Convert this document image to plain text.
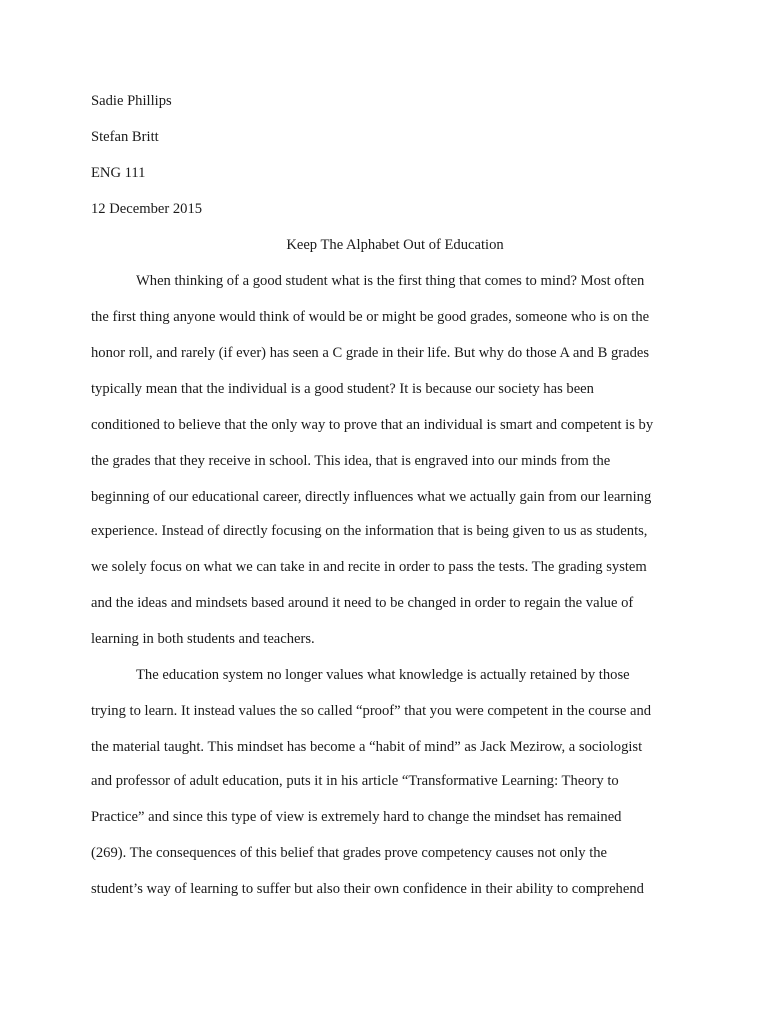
Sadie Phillips
Stefan Britt
ENG 111
12 December 2015
Keep The Alphabet Out of Education
When thinking of a good student what is the first thing that comes to mind? Most often
the first thing anyone would think of would be or might be good grades, someone who is on the
honor roll, and rarely (if ever) has seen a C grade in their life. But why do those A and B grades
typically mean that the individual is a good student? It is because our society has been
conditioned to believe that the only way to prove that an individual is smart and competent is by
the grades that they receive in school. This idea, that is engraved into our minds from the
beginning of our educational career, directly influences what we actually gain from our learning
experience. Instead of directly focusing on the information that is being given to us as students,
we solely focus on what we can take in and recite in order to pass the tests. The grading system
and the ideas and mindsets based around it need to be changed in order to regain the value of
learning in both students and teachers.
The education system no longer values what knowledge is actually retained by those
trying to learn. It instead values the so called “proof” that you were competent in the course and
the material taught. This mindset has become a “habit of mind” as Jack Mezirow, a sociologist
and professor of adult education, puts it in his article “Transformative Learning: Theory to
Practice” and since this type of view is extremely hard to change the mindset has remained
(269). The consequences of this belief that grades prove competency causes not only the
student’s way of learning to suffer but also their own confidence in their ability to comprehend
